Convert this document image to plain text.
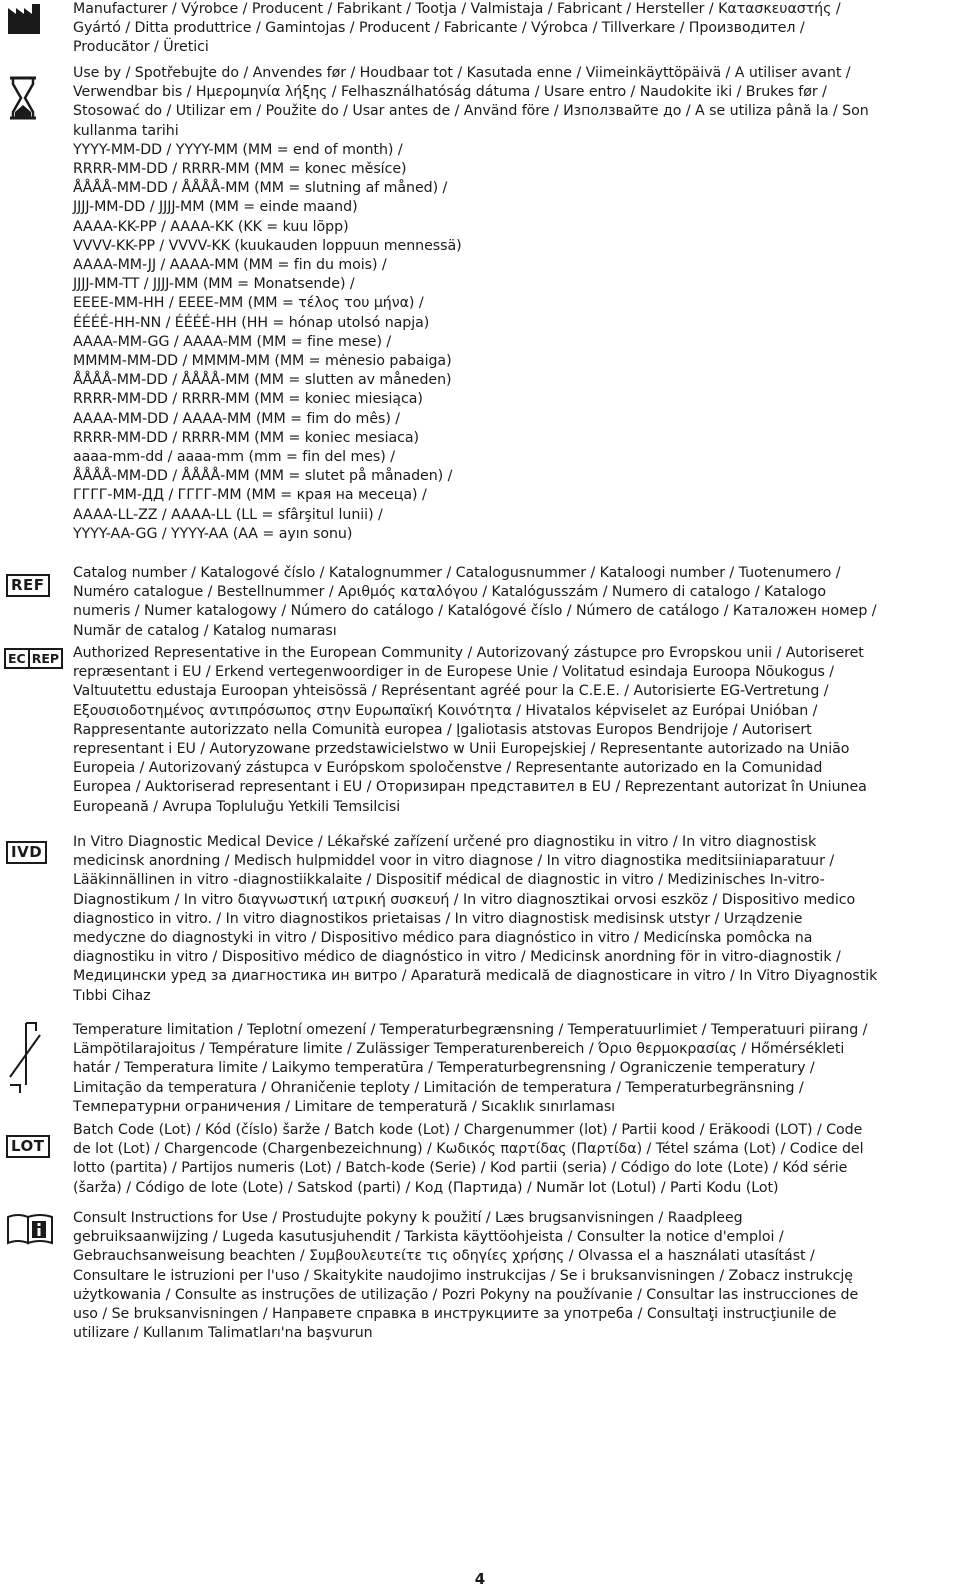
Manufacturer / Výrobce / Producent / Fabrikant / Tootja / Valmistaja / Fabricant / Hersteller / Κατασκευαστής /
Gyártó / Ditta produttrice / Gamintojas / Producent / Fabricante / Výrobca / Tillverkare / Производител /
Producător / Üretici
Use by / Spotřebujte do / Anvendes før / Houdbaar tot / Kasutada enne / Viimeinkäyttöpäivä / A utiliser avant /
Verwendbar bis / Ημερομηνία λήξης / Felhasználhatóság dátuma / Usare entro / Naudokite iki / Brukes før /
Stosować do / Utilizar em / Použite do / Usar antes de / Använd före / Използвайте до / A se utiliza până la / Son
kullanma tarihi
YYYY-MM-DD / YYYY-MM (MM = end of month) /
RRRR-MM-DD / RRRR-MM (MM = konec měsíce)
ÅÅÅÅ-MM-DD / ÅÅÅÅ-MM (MM = slutning af måned) /
JJJJ-MM-DD / JJJJ-MM (MM = einde maand)
AAAA-KK-PP / AAAA-KK (KK = kuu lõpp)
VVVV-KK-PP / VVVV-KK (kuukauden loppuun mennessä)
AAAA-MM-JJ / AAAA-MM (MM = fin du mois) /
JJJJ-MM-TT / JJJJ-MM (MM = Monatsende) /
ΕΕΕΕ-ΜΜ-ΗΗ / ΕΕΕΕ-ΜΜ (ΜΜ = τέλος του μήνα) /
ÉÉÉÉ-HH-NN / ÉÉÉÉ-HH (HH = hónap utolsó napja)
AAAA-MM-GG / AAAA-MM (MM = fine mese) /
MMMM-MM-DD / MMMM-MM (MM = mėnesio pabaiga)
ÅÅÅÅ-MM-DD / ÅÅÅÅ-MM (MM = slutten av måneden)
RRRR-MM-DD / RRRR-MM (MM = koniec miesiąca)
AAAA-MM-DD / AAAA-MM (MM = fim do mês) /
RRRR-MM-DD / RRRR-MM (MM = koniec mesiaca)
aaaa-mm-dd / aaaa-mm (mm = fin del mes) /
ÅÅÅÅ-MM-DD / ÅÅÅÅ-MM (MM = slutet på månaden) /
ГГГГ-ММ-ДД / ГГГГ-ММ (ММ = края на месеца) /
AAAA-LL-ZZ / AAAA-LL (LL = sfârşitul lunii) /
YYYY-AA-GG / YYYY-AA (AA = ayın sonu)
REF
Catalog number / Katalogové číslo / Katalognummer / Catalogusnummer / Kataloogi number / Tuotenumero /
Numéro catalogue / Bestellnummer / Αριθμός καταλόγου / Katalógusszám / Numero di catalogo / Katalogo
numeris / Numer katalogowy / Número do catálogo / Katalógové číslo / Número de catálogo / Каталожен номер /
Număr de catalog / Katalog numarası
EC REP Authorized Representative in the European Community / Autorizovaný zástupce pro Evropskou unii / Autoriseret
repræsentant i EU / Erkend vertegenwoordiger in de Europese Unie / Volitatud esindaja Euroopa Nõukogus /
Valtuutettu edustaja Euroopan yhteisössä / Représentant agréé pour la C.E.E. / Autorisierte EG-Vertretung /
Εξουσιοδοτημένος αντιπρόσωπος στην Ευρωπαϊκή Κοινότητα / Hivatalos képviselet az Európai Unióban /
Rappresentante autorizzato nella Comunità europea / Įgaliotasis atstovas Europos Bendrijoje / Autorisert
representant i EU / Autoryzowane przedstawicielstwo w Unii Europejskiej / Representante autorizado na União
Europeia / Autorizovaný zástupca v Európskom spoločenstve / Representante autorizado en la Comunidad
Europea / Auktoriserad representant i EU / Оторизиран представител в ЕU / Reprezentant autorizat în Uniunea
Europeană / Avrupa Topluluğu Yetkili Temsilcisi
IVD
In Vitro Diagnostic Medical Device / Lékařské zařízení určené pro diagnostiku in vitro / In vitro diagnostisk
medicinsk anordning / Medisch hulpmiddel voor in vitro diagnose / In vitro diagnostika meditsiiniaparatuur /
Lääkinnällinen in vitro -diagnostiikkalaite / Dispositif médical de diagnostic in vitro / Medizinisches In-vitro-
Diagnostikum / In vitro διαγνωστική ιατρική συσκευή / In vitro diagnosztikai orvosi eszköz / Dispositivo medico
diagnostico in vitro. / In vitro diagnostikos prietaisas / In vitro diagnostisk medisinsk utstyr / Urządzenie
medyczne do diagnostyki in vitro / Dispositivo médico para diagnóstico in vitro / Medicínska pomôcka na
diagnostiku in vitro / Dispositivo médico de diagnóstico in vitro / Medicinsk anordning för in vitro-diagnostik /
Медицински уред за диагностика ин витро / Aparatură medicală de diagnosticare in vitro / In Vitro Diyagnostik
Tıbbi Cihaz
Temperature limitation / Teplotní omezení / Temperaturbegrænsning / Temperatuurlimiet / Temperatuuri piirang /
Lämpötilarajoitus / Température limite / Zulässiger Temperaturenbereich / Όριο θερμοκρασίας / Hőmérsékleti
határ / Temperatura limite / Laikymo temperatūra / Temperaturbegrensning / Ograniczenie temperatury /
Limitação da temperatura / Ohraničenie teploty / Limitación de temperatura / Temperaturbegränsning /
Температурни ограничения / Limitare de temperatură / Sıcaklık sınırlaması
LOT
Batch Code (Lot) / Kód (číslo) šarže / Batch kode (Lot) / Chargenummer (lot) / Partii kood / Eräkoodi (LOT) / Code
de lot (Lot) / Chargencode (Chargenbezeichnung) / Κωδικός παρτίδας (Παρτίδα) / Tétel száma (Lot) / Codice del
lotto (partita) / Partijos numeris (Lot) / Batch-kode (Serie) / Kod partii (seria) / Código do lote (Lote) / Kód série
(šarža) / Código de lote (Lote) / Satskod (parti) / Код (Партида) / Număr lot (Lotul) / Parti Kodu (Lot)
Consult Instructions for Use / Prostudujte pokyny k použití / Læs brugsanvisningen / Raadpleeg
gebruiksaanwijzing / Lugeda kasutusjuhendit / Tarkista käyttöohjeista / Consulter la notice d'emploi /
Gebrauchsanweisung beachten / Συμβουλευτείτε τις οδηγίες χρήσης / Olvassa el a használati utasítást /
Consultare le istruzioni per l'uso / Skaitykite naudojimo instrukcijas / Se i bruksanvisningen / Zobacz instrukcję
użytkowania / Consulte as instruções de utilização / Pozri Pokyny na používanie / Consultar las instrucciones de
uso / Se bruksanvisningen / Направете справка в инструкциите за употреба / Consultaţi instrucţiunile de
utilizare / Kullanım Talimatları'na başvurun
4
